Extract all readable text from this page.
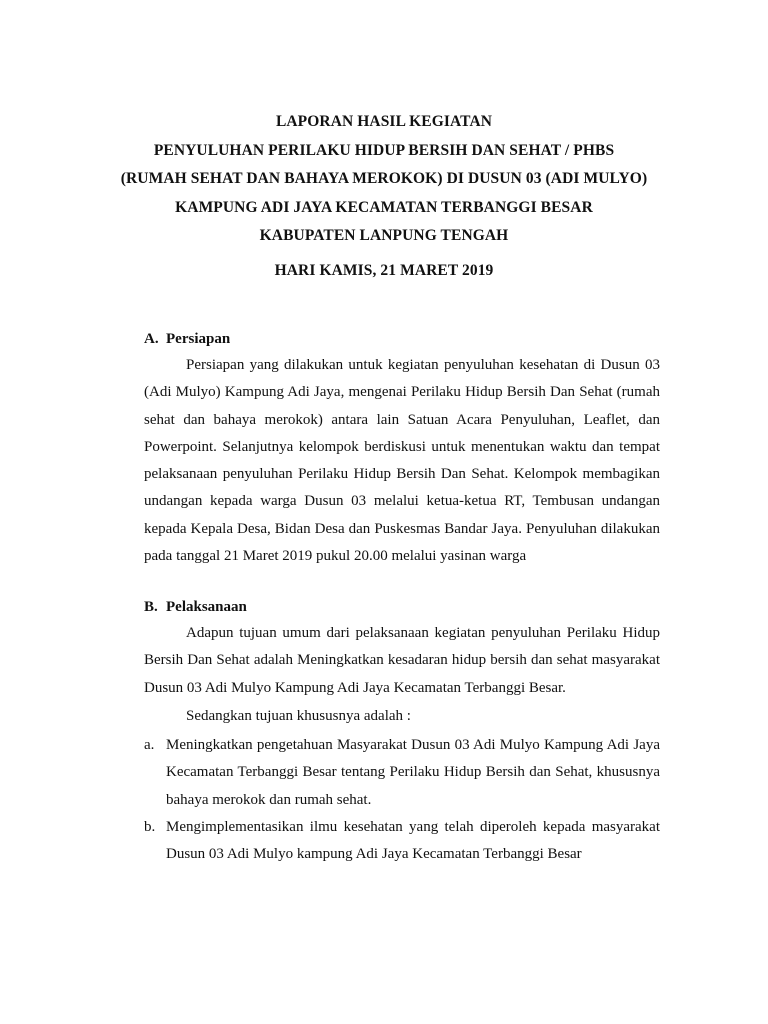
LAPORAN HASIL KEGIATAN
PENYULUHAN PERILAKU HIDUP BERSIH DAN SEHAT / PHBS
(RUMAH SEHAT DAN BAHAYA MEROKOK) DI DUSUN 03 (ADI MULYO)
KAMPUNG ADI JAYA KECAMATAN TERBANGGI BESAR
KABUPATEN LANPUNG TENGAH
HARI KAMIS, 21 MARET 2019
A. Persiapan

Persiapan yang dilakukan untuk kegiatan penyuluhan kesehatan di Dusun 03 (Adi Mulyo) Kampung Adi Jaya, mengenai Perilaku Hidup Bersih Dan Sehat (rumah sehat dan bahaya merokok) antara lain Satuan Acara Penyuluhan, Leaflet, dan Powerpoint. Selanjutnya kelompok berdiskusi untuk menentukan waktu dan tempat pelaksanaan penyuluhan Perilaku Hidup Bersih Dan Sehat. Kelompok membagikan undangan kepada warga Dusun 03 melalui ketua-ketua RT, Tembusan undangan kepada Kepala Desa, Bidan Desa dan Puskesmas Bandar Jaya. Penyuluhan dilakukan pada tanggal 21 Maret 2019 pukul 20.00 melalui yasinan warga

B. Pelaksanaan

Adapun tujuan umum dari pelaksanaan kegiatan penyuluhan Perilaku Hidup Bersih Dan Sehat adalah Meningkatkan kesadaran hidup bersih dan sehat masyarakat Dusun 03 Adi Mulyo Kampung Adi Jaya Kecamatan Terbanggi Besar.

Sedangkan tujuan khususnya adalah :

a. Meningkatkan pengetahuan Masyarakat Dusun 03 Adi Mulyo Kampung Adi Jaya Kecamatan Terbanggi Besar tentang Perilaku Hidup Bersih dan Sehat, khususnya bahaya merokok dan rumah sehat.
b. Mengimplementasikan ilmu kesehatan yang telah diperoleh kepada masyarakat Dusun 03 Adi Mulyo kampung Adi Jaya Kecamatan Terbanggi Besar
